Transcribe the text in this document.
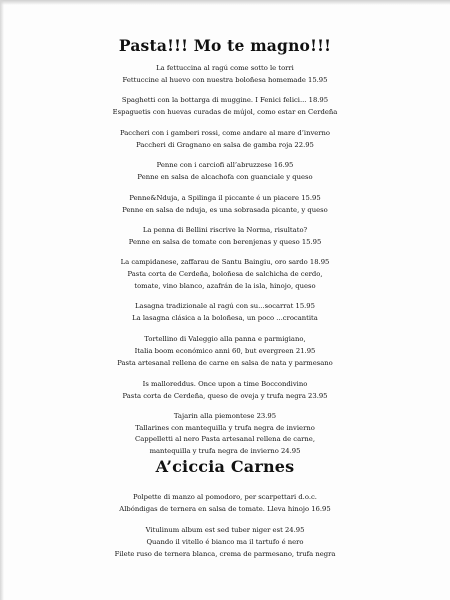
Pasta!!! Mo te magno!!!
La fettuccina al ragú come sotto le torri
Fettuccine al huevo con nuestra boloñesa homemade 15.95
Spaghetti con la bottarga di muggine. I Fenici felici... 18.95
Espaguetis con huevas curadas de mújol, como estar en Cerdeña
Paccheri con i gamberi rossi, come andare al mare d’inverno
Paccheri di Gragnano en salsa de gamba roja 22.95
Penne con i carciofi all’abruzzese 16.95
Penne en salsa de alcachofa con guanciale y queso
Penne&Nduja, a Spilinga il piccante é un piacere 15.95
Penne en salsa de nduja, es una sobrasada picante, y queso
La penna di Bellini riscrive la Norma, risultato?
Penne en salsa de tomate con berenjenas y queso 15.95
La campidanese, zaffarau de Santu Baingiu, oro sardo 18.95
Pasta corta de Cerdeña, boloñesa de salchicha de cerdo,
tomate, vino blanco, azafrán de la isla, hinojo, queso
Lasagna tradizionale al ragú con su...socarrat 15.95
La lasagna clásica a la boloñesa, un poco ...crocantita
Tortellino di Valeggio alla panna e parmigiano,
Italia boom económico anni 60, but evergreen 21.95
Pasta artesanal rellena de carne en salsa de nata y parmesano
Is malloreddus. Once upon a time Boccondivino
Pasta corta de Cerdeña, queso de oveja y trufa negra 23.95
Tajarin alla piemontese 23.95
Tallarines con mantequilla y trufa negra de invierno
Cappelletti al nero Pasta artesanal rellena de carne,
mantequilla y trufa negra de invierno 24.95
A’ciccia Carnes
Polpette di manzo al pomodoro, per scarpettari d.o.c.
Albóndigas de ternera en salsa de tomate. Lleva hinojo 16.95
Vitulinum album est sed tuber niger est 24.95
Quando il vitello é bianco ma il tartufo é nero
Filete ruso de ternera blanca, crema de parmesano, trufa negra
